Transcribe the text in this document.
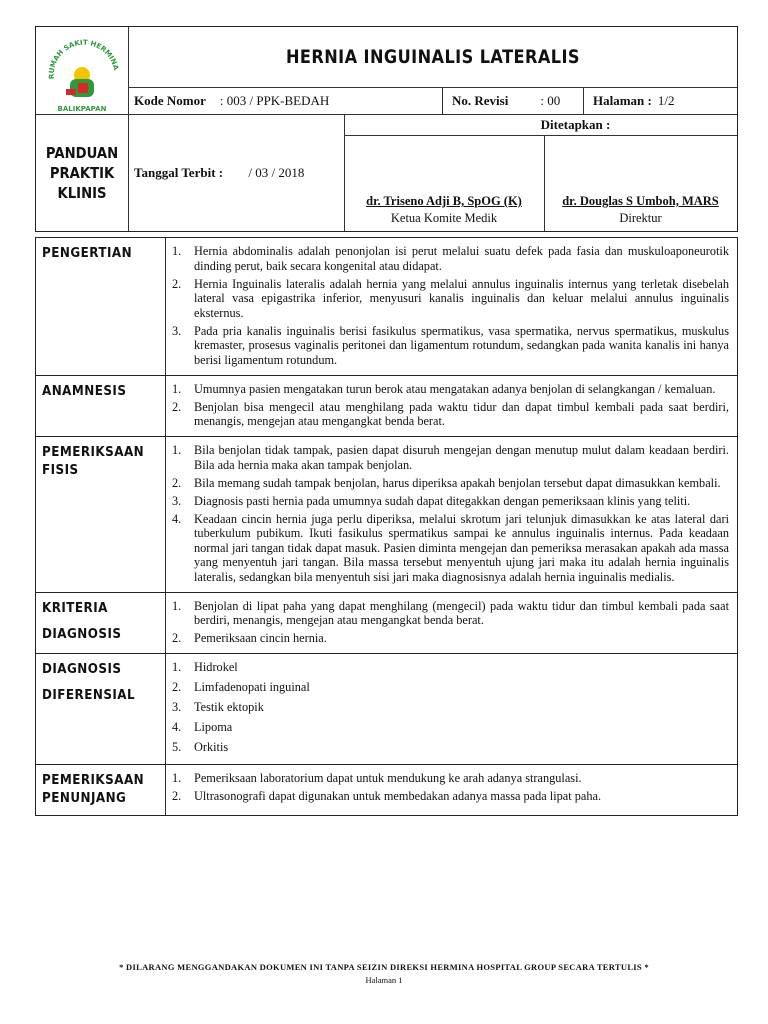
RUMAH SAKIT HERMINA
BALIKPAPAN
HERNIA INGUINALIS LATERALIS
Kode Nomor : 003 / PPK-BEDAH	No. Revisi : 00	Halaman : 1/2
PANDUAN
PRAKTIK
KLINIS
Tanggal Terbit : / 03 / 2018
Ditetapkan :
dr. Triseno Adji B, SpOG (K)
Ketua Komite Medik
dr. Douglas S Umboh, MARS
Direktur
PENGERTIAN	1.	Hernia abdominalis adalah penonjolan isi perut melalui suatu defek pada fasia dan muskuloaponeurotik dinding perut, baik secara kongenital atau didapat.
2.	Hernia Inguinalis lateralis adalah hernia yang melalui annulus inguinalis internus yang terletak disebelah lateral vasa epigastrika inferior, menyusuri kanalis inguinalis dan keluar melalui annulus inguinalis eksternus.
3.	Pada pria kanalis inguinalis berisi fasikulus spermatikus, vasa spermatika, nervus spermatikus, muskulus kremaster, prosesus vaginalis peritonei dan ligamentum rotundum, sedangkan pada wanita kanalis ini hanya berisi ligamentum rotundum.
ANAMNESIS	1.	Umumnya pasien mengatakan turun berok atau mengatakan adanya benjolan di selangkangan / kemaluan.
2.	Benjolan bisa mengecil atau menghilang pada waktu tidur dan dapat timbul kembali pada saat berdiri, menangis, mengejan atau mengangkat benda berat.
PEMERIKSAAN
FISIS
1.	Bila benjolan tidak tampak, pasien dapat disuruh mengejan dengan menutup mulut dalam keadaan berdiri. Bila ada hernia maka akan tampak benjolan.
2.	Bila memang sudah tampak benjolan, harus diperiksa apakah benjolan tersebut dapat dimasukkan kembali.
3.	Diagnosis pasti hernia pada umumnya sudah dapat ditegakkan dengan pemeriksaan klinis yang teliti.
4.	Keadaan cincin hernia juga perlu diperiksa, melalui skrotum jari telunjuk dimasukkan ke atas lateral dari tuberkulum pubikum. Ikuti fasikulus spermatikus sampai ke annulus inguinalis internus. Pada keadaan normal jari tangan tidak dapat masuk. Pasien diminta mengejan dan pemeriksa merasakan apakah ada massa yang menyentuh jari tangan. Bila massa tersebut menyentuh ujung jari maka itu adalah hernia inguinalis lateralis, sedangkan bila menyentuh sisi jari maka diagnosisnya adalah hernia inguinalis medialis.
KRITERIA
DIAGNOSIS
1.	Benjolan di lipat paha yang dapat menghilang (mengecil) pada waktu tidur dan timbul kembali pada saat berdiri, menangis, mengejan atau mengangkat benda berat.
2.	Pemeriksaan cincin hernia.
DIAGNOSIS
DIFERENSIAL
1.	Hidrokel
2.	Limfadenopati inguinal
3.	Testik ektopik
4.	Lipoma
5.	Orkitis
PEMERIKSAAN
PENUNJANG
1.	Pemeriksaan laboratorium dapat untuk mendukung ke arah adanya strangulasi.
2.	Ultrasonografi dapat digunakan untuk membedakan adanya massa pada lipat paha.
* DILARANG MENGGANDAKAN DOKUMEN INI TANPA SEIZIN DIREKSI HERMINA HOSPITAL GROUP SECARA TERTULIS *
Halaman 1
